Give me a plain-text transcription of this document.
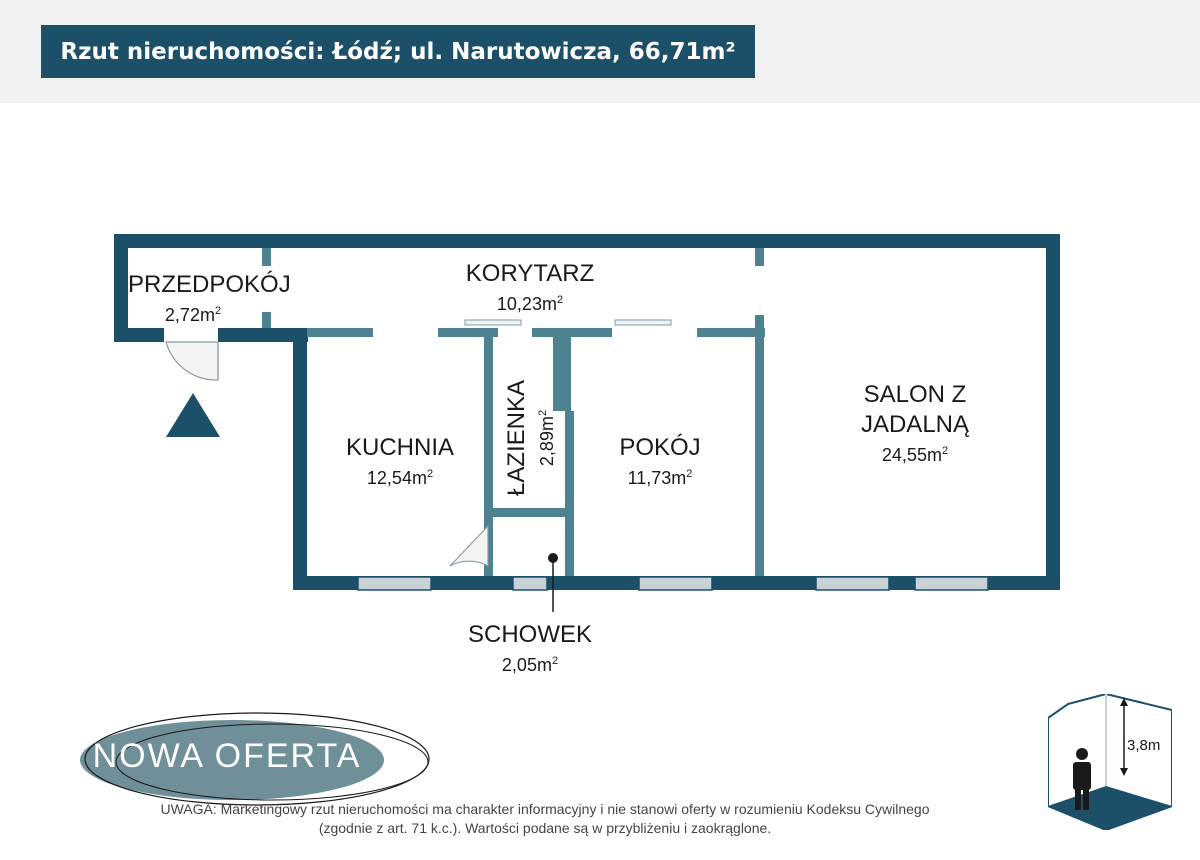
Rzut nieruchomości: Łódź; ul. Narutowicza, 66,71m²
PRZEDPOKÓJ
$2,72m^2$
KORYTARZ
$10,23m^2$
KUCHNIA
$12,54m^2$	ŁAZIENKA $2,89m^2$
POKÓJ
$11,73m^2$
SALON Z
JADALNĄ
$24,55m^2$
SCHOWEK
$2,05m^2$
NOWA OFERTA
UWAGA: Marketingowy rzut nieruchomości ma charakter informacyjny i nie stanowi oferty w rozumieniu Kodeksu Cywilnego
(zgodnie z art. 71 k.c.). Wartości podane są w przybliżeniu i zaokrąglone.
3,8m
